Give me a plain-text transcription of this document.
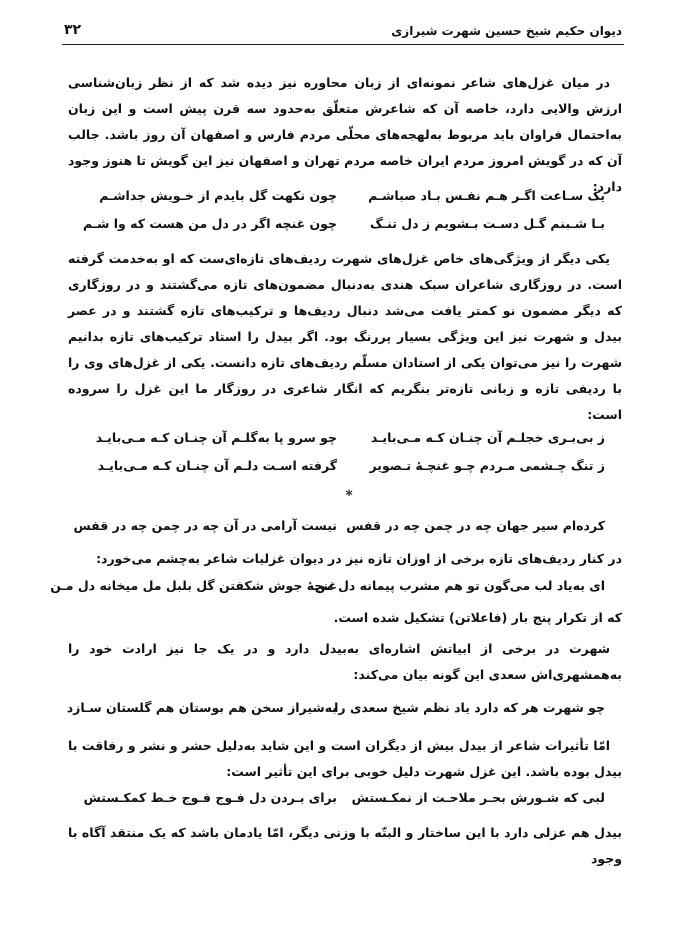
دیوان حکیم شیخ حسین شهرت شیرازی
۳۲
در میان غزل‌های شاعر نمونه‌ای از زبان محاوره نیز دیده شد که از نظر زبان‌شناسی ارزش والایی دارد، خاصه آن که شاعرش متعلّق به‌حدود سه قرن پیش است و این زبان به‌احتمال فراوان باید مربوط به‌لهجه‌های محلّی مردم فارس و اصفهان آن روز باشد. جالب آن که در گویش امروز مردم ایران خاصه مردم تهران و اصفهان نیز این گویش تا هنوز وجود دارد:
یک سـاعت اگـر هـم نفـس بـاد صباشـم
چون نکهت گل بایدم از خـویش جداشـم
بـا شـبنم گـل دسـت بـشویم ز دل تنـگ
چون غنچه اگر در دل من هست که وا شـم
یکی دیگر از ویژگی‌های خاص غزل‌های شهرت ردیف‌های تازه‌ای‌ست که او به‌خدمت گرفته است. در روزگاری شاعران سبک هندی به‌دنبال مضمون‌های تازه می‌گشتند و در روزگاری که دیگر مضمون نو کمتر یافت می‌شد دنبال ردیف‌ها و ترکیب‌های تازه گشتند و در عصر بیدل و شهرت نیز این ویژگی بسیار پررنگ بود. اگر بیدل را استاد ترکیب‌های تازه بدانیم شهرت را نیز می‌توان یکی از استادان مسلّم ردیف‌های تازه دانست. یکی از غزل‌های وی را با ردیفی تازه و زبانی تازه‌تر بنگریم که انگار شاعری در روزگار ما این غزل را سروده است:
ز بی‌بـری خجلـم آن چنـان کـه مـی‌بایـد
چو سرو پا به‌گلـم آن چنـان کـه مـی‌بایـد
ز تنگ چـشمی مـردم چـو غنچـهٔ تـصویر
گرفته اسـت دلـم آن چنـان کـه مـی‌بایـد
*
کرده‌ام سیر جهان چه در چمن چه در قفس
نیست آرامی در آن چه در چمن چه در قفس
در کنار ردیف‌های تازه برخی از اوزان تازه نیز در دیوان غزلیات شاعر به‌چشم می‌خورد:
ای به‌یاد لب می‌گون تو هم مشرب پیمانه دل من
غنچهٔ جوش شکفتن گل بلبل مل میخانه دل مـن
که از تکرار پنج بار (فاعلاتن) تشکیل شده است.
شهرت در برخی از ابیاتش اشاره‌ای به‌بیدل دارد و در یک جا نیز ارادت خود را به‌همشهری‌اش سعدی این گونه بیان می‌کند:
چو شهرت هر که دارد یاد نظم شیخ سعدی را
به‌شیراز سخن هم بوستان هم گلستان سـازد
امّا تأثیرات شاعر از بیدل بیش از دیگران است و این شاید به‌دلیل حشر و نشر و رفاقت با بیدل بوده باشد. این غزل شهرت دلیل خوبی برای این تأثیر است:
لبی که شـورش بحـر ملاحـت از نمکـستش
برای بـردن دل فـوج فـوج خـط کمکـستش
بیدل هم عزلی دارد با این ساختار و البتّه با وزنی دیگر، امّا یادمان باشد که یک منتقد آگاه با وجود
